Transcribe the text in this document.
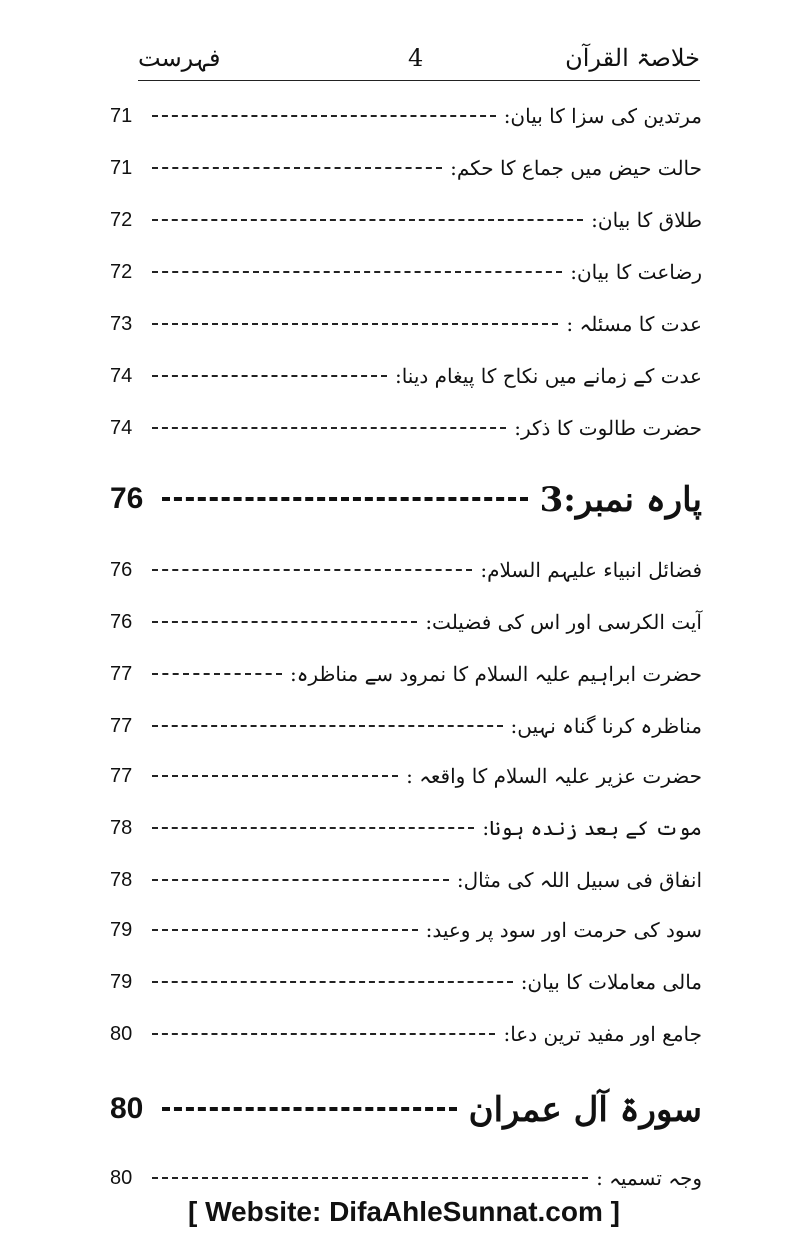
خلاصۃ القرآن
4
فہرست
مرتدین کی سزا کا بیان:
71
حالت حیض میں جماع کا حکم:
71
طلاق کا بیان:
72
رضاعت کا بیان:
72
عدت کا مسئلہ :
73
عدت کے زمانے میں نکاح کا پیغام دینا:
74
حضرت طالوت کا ذکر:
74
پارہ نمبر:3
76
فضائل انبیاء علیہم السلام:
76
آیت الکرسی اور اس کی فضیلت:
76
حضرت ابراہیم علیہ السلام کا نمرود سے مناظرہ:
77
مناظرہ کرنا گناہ نہیں:
77
حضرت عزیر علیہ السلام کا واقعہ :
77
موت کے بعد زندہ ہونا:
78
انفاق فی سبیل اللہ کی مثال:
78
سود کی حرمت اور سود پر وعید:
79
مالی معاملات کا بیان:
79
جامع اور مفید ترین دعا:
80
سورۃ آل عمران
80
وجہ تسمیہ :
80
[ Website: DifaAhleSunnat.com ]
